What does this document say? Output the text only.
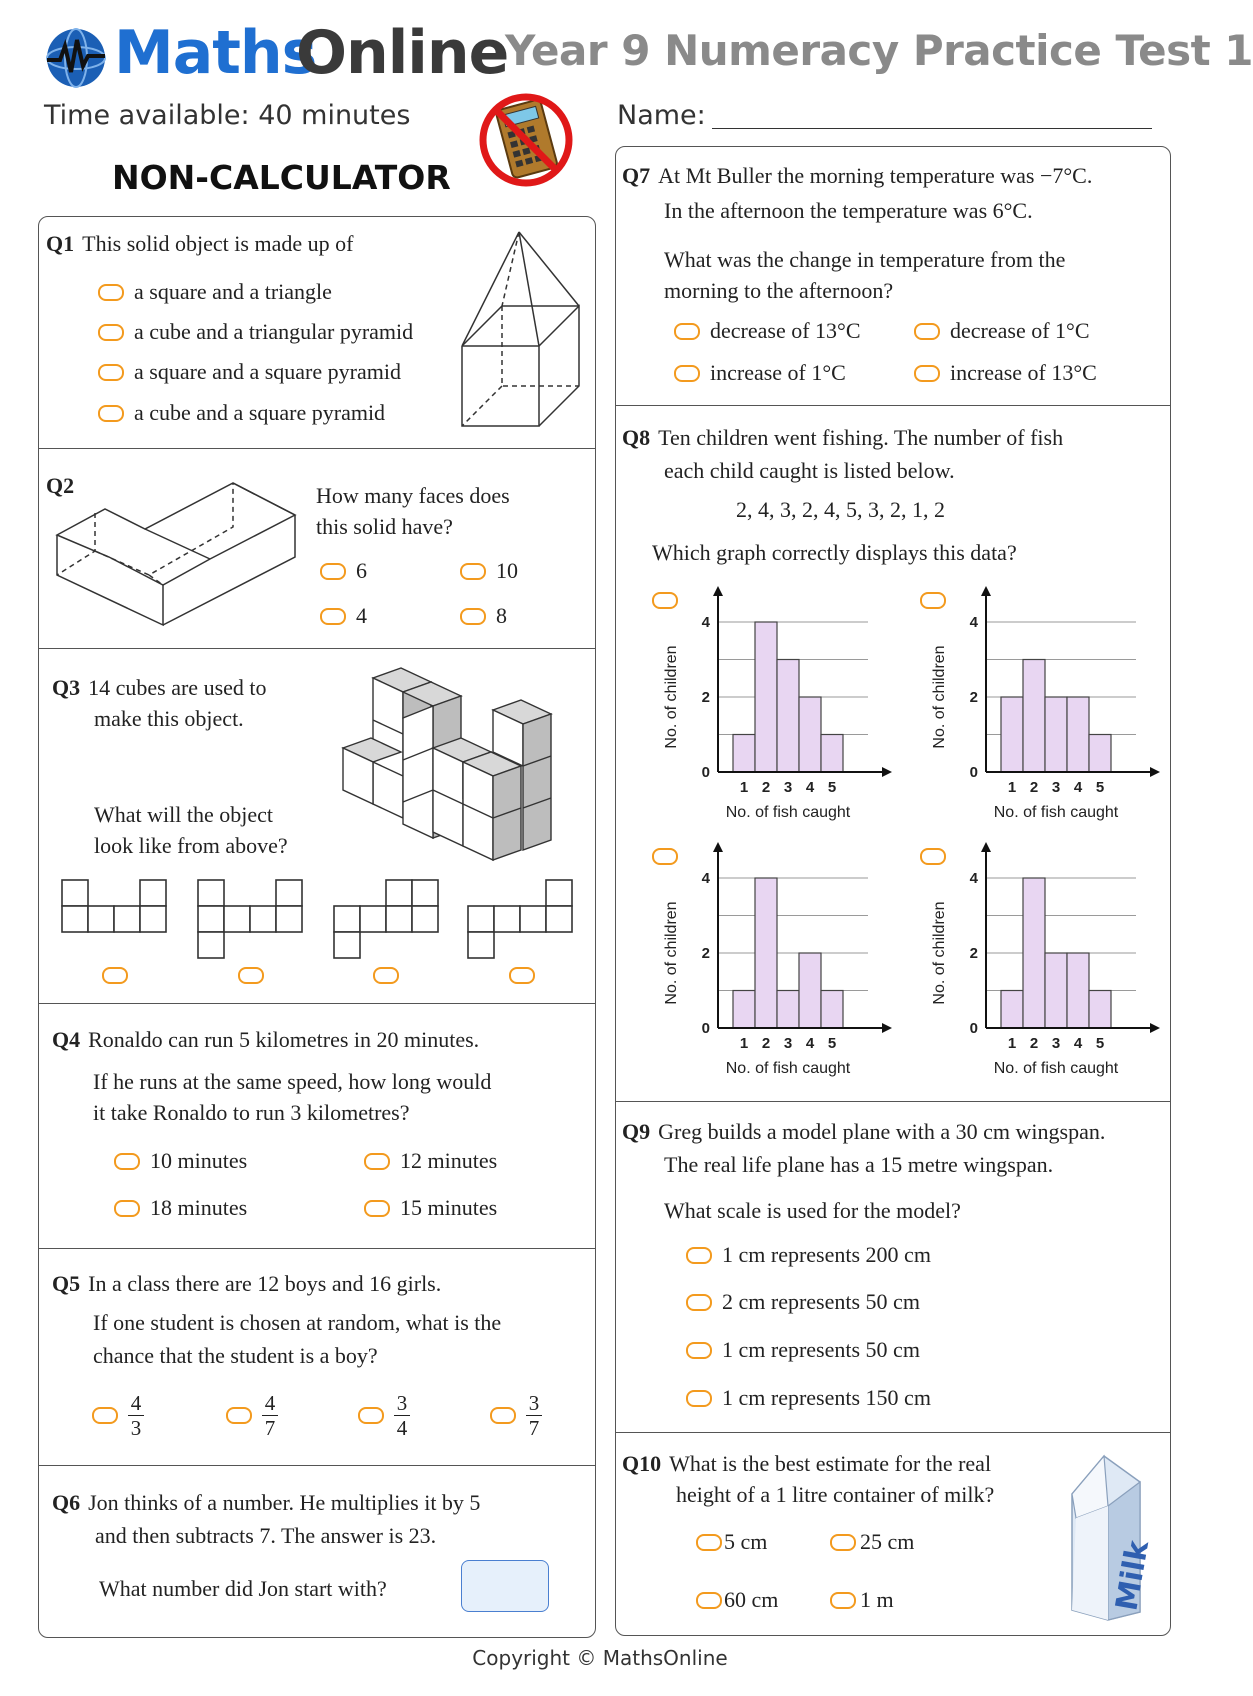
Maths
Online
Year 9 Numeracy Practice Test 1
Time available: 40 minutes
NON-CALCULATOR
Name:
Q1 This solid object is made up of
a square and a triangle
a cube and a triangular pyramid
a square and a square pyramid
a cube and a square pyramid
Q2	How many faces does
this solid have?
6	10
4	8
Q3 14 cubes are used to
make this object.
What will the object
look like from above?
Q4 Ronaldo can run 5 kilometres in 20 minutes.
If he runs at the same speed, how long would
it take Ronaldo to run 3 kilometres?
10 minutes	12 minutes
18 minutes	15 minutes
Q5 In a class there are 12 boys and 16 girls.
If one student is chosen at random, what is the
chance that the student is a boy?
$\frac{4}{3}$	$\frac{4}{7}$	$\frac{3}{4}$	$\frac{3}{7}$
Q6 Jon thinks of a number. He multiplies it by 5
and then subtracts 7. The answer is 23.
What number did Jon start with?
Q7 At Mt Buller the morning temperature was −7°C.
In the afternoon the temperature was 6°C.
What was the change in temperature from the
morning to the afternoon?
decrease of 13°C	decrease of 1°C
increase of 1°C	increase of 13°C
Q8 Ten children went fishing. The number of fish
each child caught is listed below.
2, 4, 3, 2, 4, 5, 3, 2, 1, 2
Which graph correctly displays this data?
0
2
4
1 2 3 4 5
No. of fish caught
No. of children
0
2
4
1 2 3 4 5
No. of fish caught
No. of children
0
2
4
1 2 3 4 5
No. of fish caught
No. of children
0
2
4
1 2 3 4 5
No. of fish caught
No. of children
Q9 Greg builds a model plane with a 30 cm wingspan.
The real life plane has a 15 metre wingspan.
What scale is used for the model?
1 cm represents 200 cm
2 cm represents 50 cm
1 cm represents 50 cm
1 cm represents 150 cm
Q10 What is the best estimate for the real
height of a 1 litre container of milk?
5 cm	25 cm
60 cm	1 m	Milk
Copyright © MathsOnline
